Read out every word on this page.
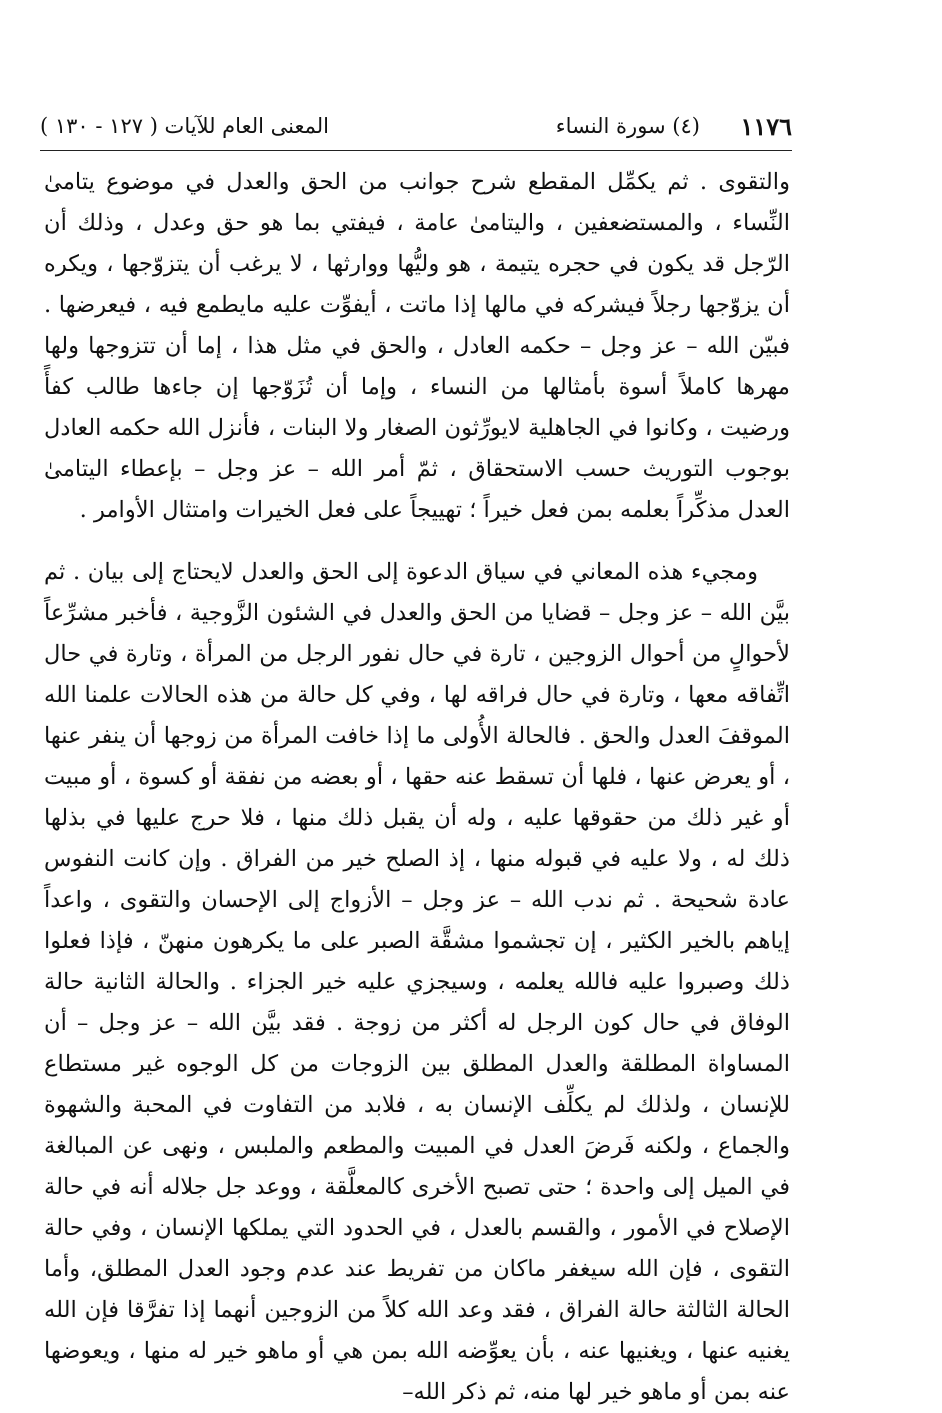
١١٧٦
(٤) سورة النساء
المعنى العام للآيات ( ١٢٧ - ١٣٠ )

والتقوى . ثم يكمِّل المقطع شرح جوانب من الحق والعدل في موضوع يتامىٰ النِّساء ، والمستضعفين ، واليتامىٰ عامة ، فيفتي بما هو حق وعدل ، وذلك أن الرّجل قد يكون في حجره يتيمة ، هو وليُّها ووارثها ، لا يرغب أن يتزوّجها ، ويكره أن يزوّجها رجلاً فيشركه في مالها إذا ماتت ، أيفوِّت عليه مايطمع فيه ، فيعرضها . فبيّن الله – عز وجل – حكمه العادل ، والحق في مثل هذا ، إما أن تتزوجها ولها مهرها كاملاً أسوة بأمثالها من النساء ، وإما أن تُزَوّجها إن جاءها طالب كفأً ورضيت ، وكانوا في الجاهلية لايورِّثون الصغار ولا البنات ، فأنزل الله حكمه العادل بوجوب التوريث حسب الاستحقاق ، ثمّ أمر الله – عز وجل – بإعطاء اليتامىٰ العدل مذكِّراً بعلمه بمن فعل خيراً ؛ تهييجاً على فعل الخيرات وامتثال الأوامر .

ومجيء هذه المعاني في سياق الدعوة إلى الحق والعدل لايحتاج إلى بيان . ثم بيَّن الله – عز وجل – قضايا من الحق والعدل في الشئون الزَّوجية ، فأخبر مشرِّعاً لأحوالٍ من أحوال الزوجين ، تارة في حال نفور الرجل من المرأة ، وتارة في حال اتِّفاقه معها ، وتارة في حال فراقه لها ، وفي كل حالة من هذه الحالات علمنا الله الموقفَ العدل والحق . فالحالة الأُولى ما إذا خافت المرأة من زوجها أن ينفر عنها ، أو يعرض عنها ، فلها أن تسقط عنه حقها ، أو بعضه من نفقة أو كسوة ، أو مبيت أو غير ذلك من حقوقها عليه ، وله أن يقبل ذلك منها ، فلا حرج عليها في بذلها ذلك له ، ولا عليه في قبوله منها ، إذ الصلح خير من الفراق . وإن كانت النفوس عادة شحيحة . ثم ندب الله – عز وجل – الأزواج إلى الإحسان والتقوى ، واعداً إياهم بالخير الكثير ، إن تجشموا مشقَّة الصبر على ما يكرهون منهنّ ، فإذا فعلوا ذلك وصبروا عليه فالله يعلمه ، وسيجزي عليه خير الجزاء . والحالة الثانية حالة الوفاق في حال كون الرجل له أكثر من زوجة . فقد بيَّن الله – عز وجل – أن المساواة المطلقة والعدل المطلق بين الزوجات من كل الوجوه غير مستطاع للإنسان ، ولذلك لم يكلِّف الإنسان به ، فلابد من التفاوت في المحبة والشهوة والجماع ، ولكنه فَرضَ العدل في المبيت والمطعم والملبس ، ونهى عن المبالغة في الميل إلى واحدة ؛ حتى تصبح الأخرى كالمعلَّقة ، ووعد جل جلاله أنه في حالة الإصلاح في الأمور ، والقسم بالعدل ، في الحدود التي يملكها الإنسان ، وفي حالة التقوى ، فإن الله سيغفر ماكان من تفريط عند عدم وجود العدل المطلق، وأما الحالة الثالثة حالة الفراق ، فقد وعد الله كلاً من الزوجين أنهما إذا تفرَّقا فإن الله يغنيه عنها ، ويغنيها عنه ، بأن يعوِّضه الله بمن هي أو ماهو خير له منها ، ويعوضها عنه بمن أو ماهو خير لها منه، ثم ذكر الله–
